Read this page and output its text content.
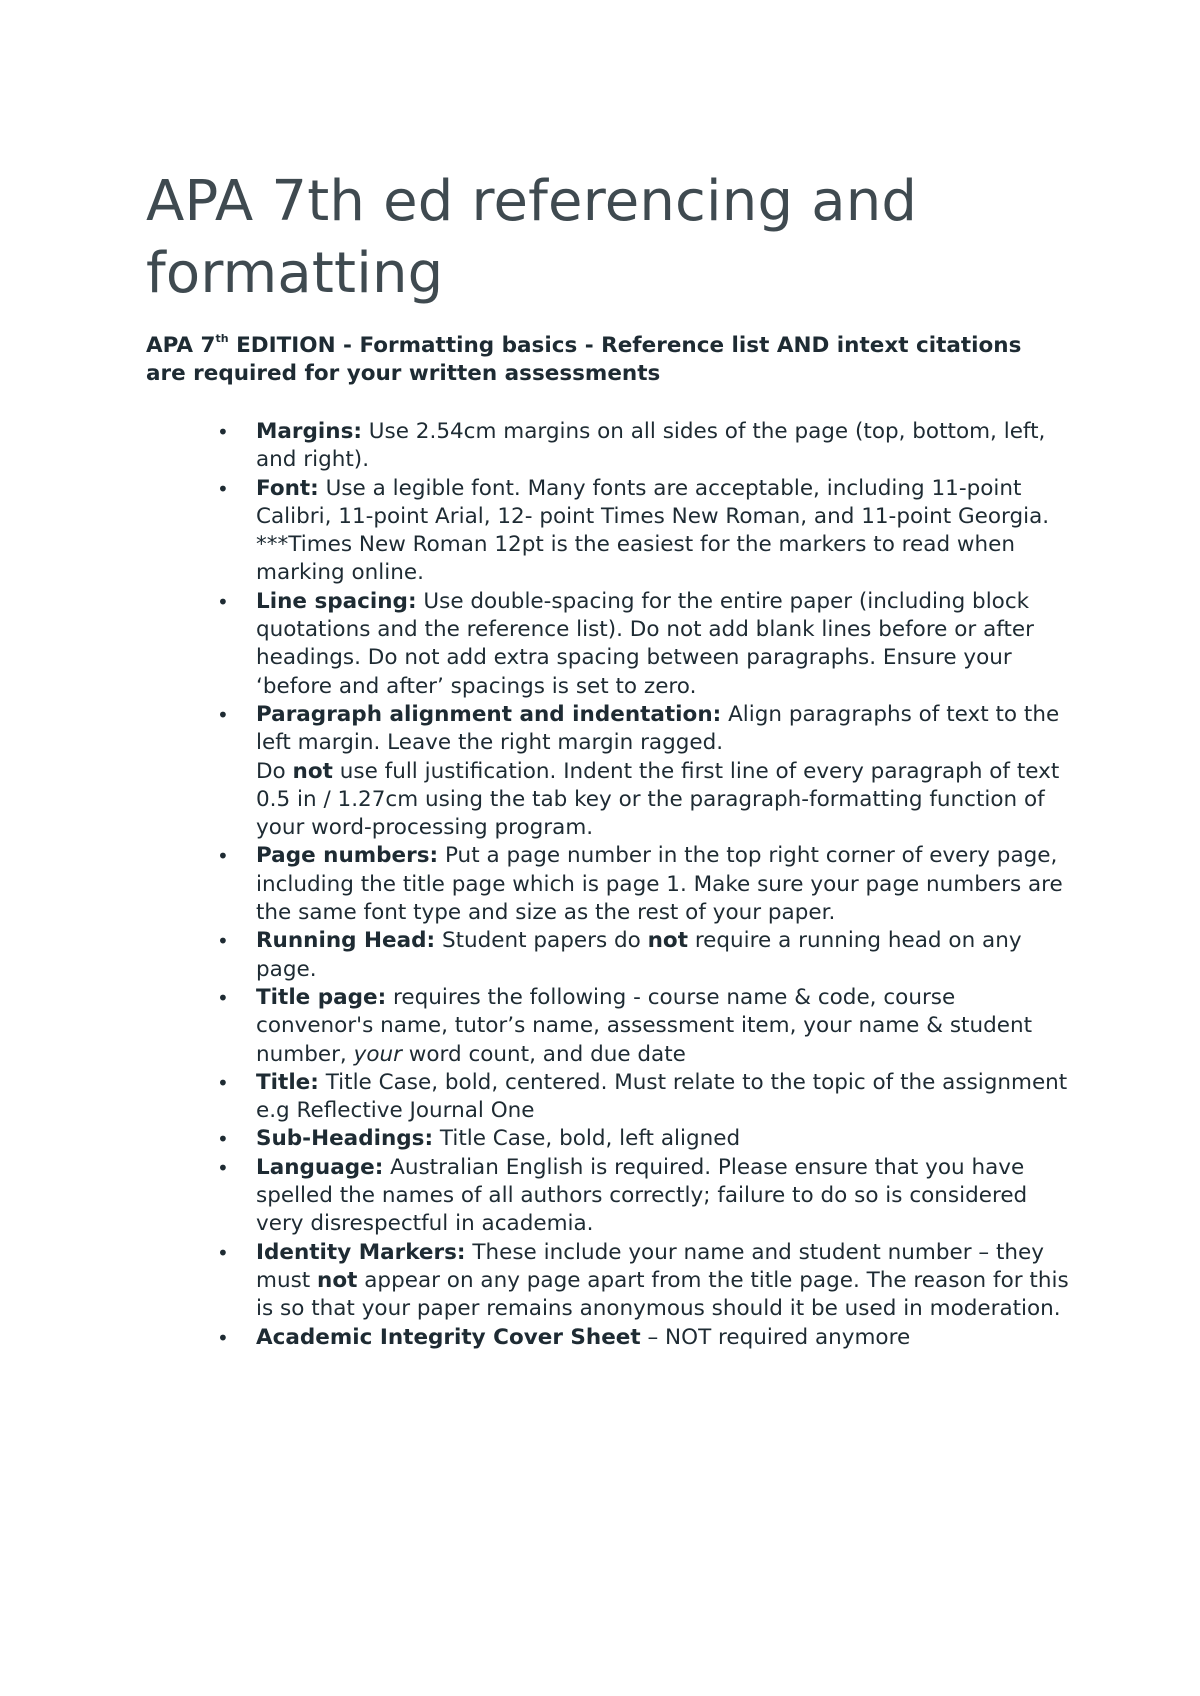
APA 7th ed referencing and formatting

APA 7th EDITION - Formatting basics - Reference list AND intext citations are required for your written assessments

• Margins: Use 2.54cm margins on all sides of the page (top, bottom, left, and right).
• Font: Use a legible font. Many fonts are acceptable, including 11-point Calibri, 11-point Arial, 12- point Times New Roman, and 11-point Georgia. ***Times New Roman 12pt is the easiest for the markers to read when marking online.
• Line spacing: Use double-spacing for the entire paper (including block quotations and the reference list). Do not add blank lines before or after headings. Do not add extra spacing between paragraphs. Ensure your ‘before and after’ spacings is set to zero.
• Paragraph alignment and indentation: Align paragraphs of text to the left margin. Leave the right margin ragged.
Do not use full justification. Indent the first line of every paragraph of text 0.5 in / 1.27cm using the tab key or the paragraph-formatting function of your word-processing program.
• Page numbers: Put a page number in the top right corner of every page, including the title page which is page 1. Make sure your page numbers are the same font type and size as the rest of your paper.
• Running Head: Student papers do not require a running head on any page.
• Title page: requires the following - course name & code, course convenor's name, tutor’s name, assessment item, your name & student number, your word count, and due date
• Title: Title Case, bold, centered. Must relate to the topic of the assignment e.g Reflective Journal One
• Sub-Headings: Title Case, bold, left aligned
• Language: Australian English is required. Please ensure that you have spelled the names of all authors correctly; failure to do so is considered very disrespectful in academia.
• Identity Markers: These include your name and student number – they must not appear on any page apart from the title page. The reason for this is so that your paper remains anonymous should it be used in moderation.
• Academic Integrity Cover Sheet – NOT required anymore
